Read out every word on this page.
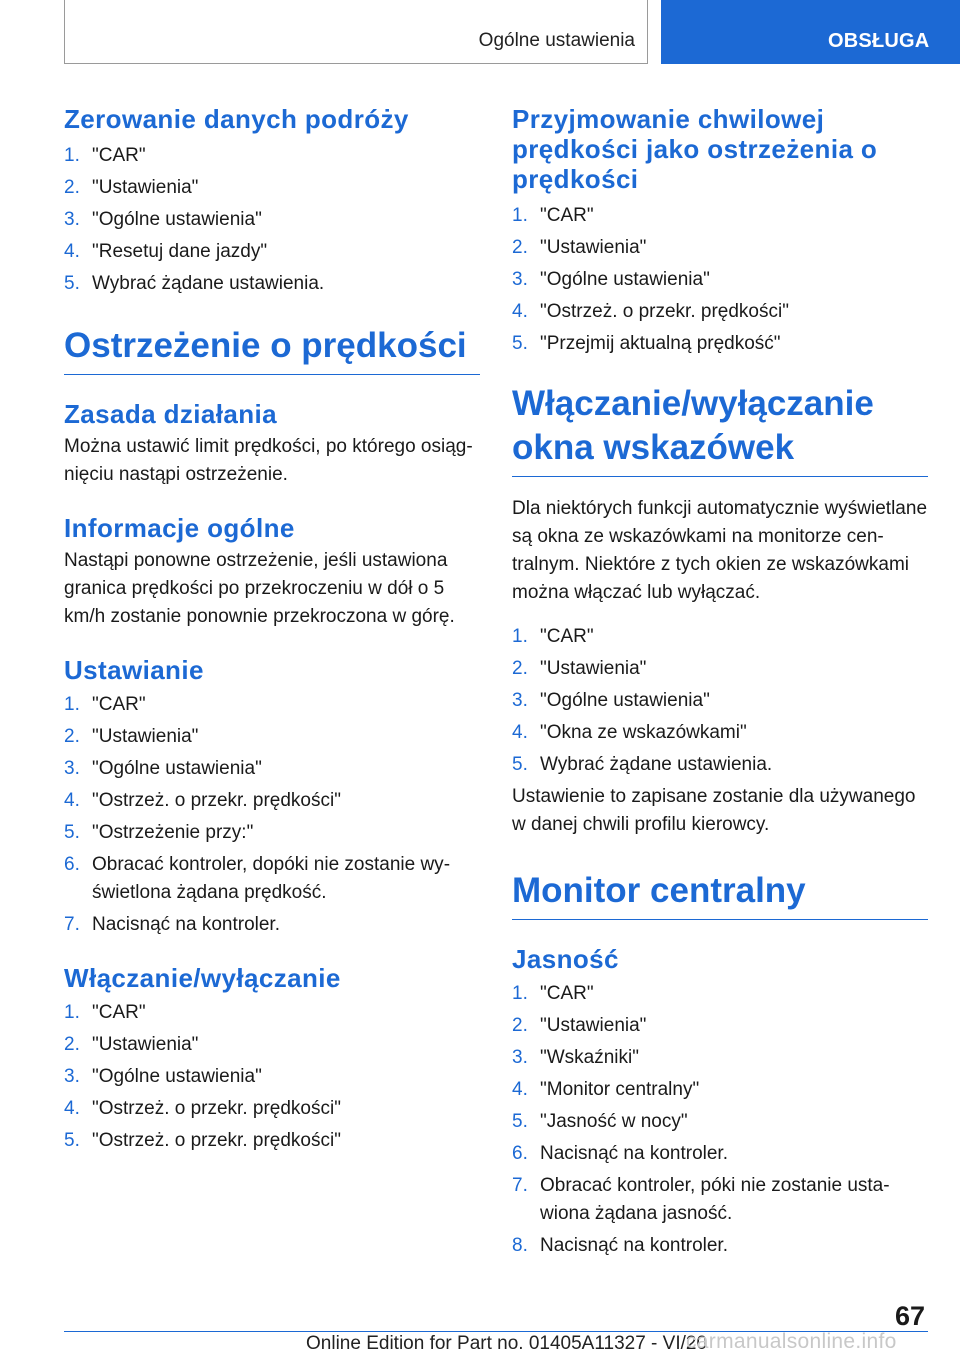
Ogólne ustawienia	OBSŁUGA
Zerowanie danych podróży
1. "CAR"
2. "Ustawienia"
3. "Ogólne ustawienia"
4. "Resetuj dane jazdy"
5. Wybrać żądane ustawienia.
Ostrzeżenie o prędkości
Zasada działania

Można ustawić limit prędkości, po którego osiągnięciu nastąpi ostrzeżenie.

Informacje ogólne

Nastąpi ponowne ostrzeżenie, jeśli ustawiona granica prędkości po przekroczeniu w dół o 5 km/h zostanie ponownie przekroczona w górę.

Ustawianie
1. "CAR"
2. "Ustawienia"
3. "Ogólne ustawienia"
4. "Ostrzeż. o przekr. prędkości"
5. "Ostrzeżenie przy:"
6. Obracać kontroler, dopóki nie zostanie wyświetlona żądana prędkość.
7. Nacisnąć na kontroler.
Włączanie/wyłączanie
1. "CAR"
2. "Ustawienia"
3. "Ogólne ustawienia"
4. "Ostrzeż. o przekr. prędkości"
5. "Ostrzeż. o przekr. prędkości"
Przyjmowanie chwilowej prędkości jako ostrzeżenia o prędkości
1. "CAR"
2. "Ustawienia"
3. "Ogólne ustawienia"
4. "Ostrzeż. o przekr. prędkości"
5. "Przejmij aktualną prędkość"
Włączanie/wyłączanie okna wskazówek

Dla niektórych funkcji automatycznie wyświetlane są okna ze wskazówkami na monitorze centralnym. Niektóre z tych okien ze wskazówkami można włączać lub wyłączać.

1. "CAR"
2. "Ustawienia"
3. "Ogólne ustawienia"
4. "Okna ze wskazówkami"
5. Wybrać żądane ustawienia.

Ustawienie to zapisane zostanie dla używanego w danej chwili profilu kierowcy.

Monitor centralny
Jasność
1. "CAR"
2. "Ustawienia"
3. "Wskaźniki"
4. "Monitor centralny"
5. "Jasność w nocy"
6. Nacisnąć na kontroler.
7. Obracać kontroler, póki nie zostanie ustawiona żądana jasność.
8. Nacisnąć na kontroler.
67
Online Edition for Part no. 01405A11327 - VI/20
carmanualsonline.info
